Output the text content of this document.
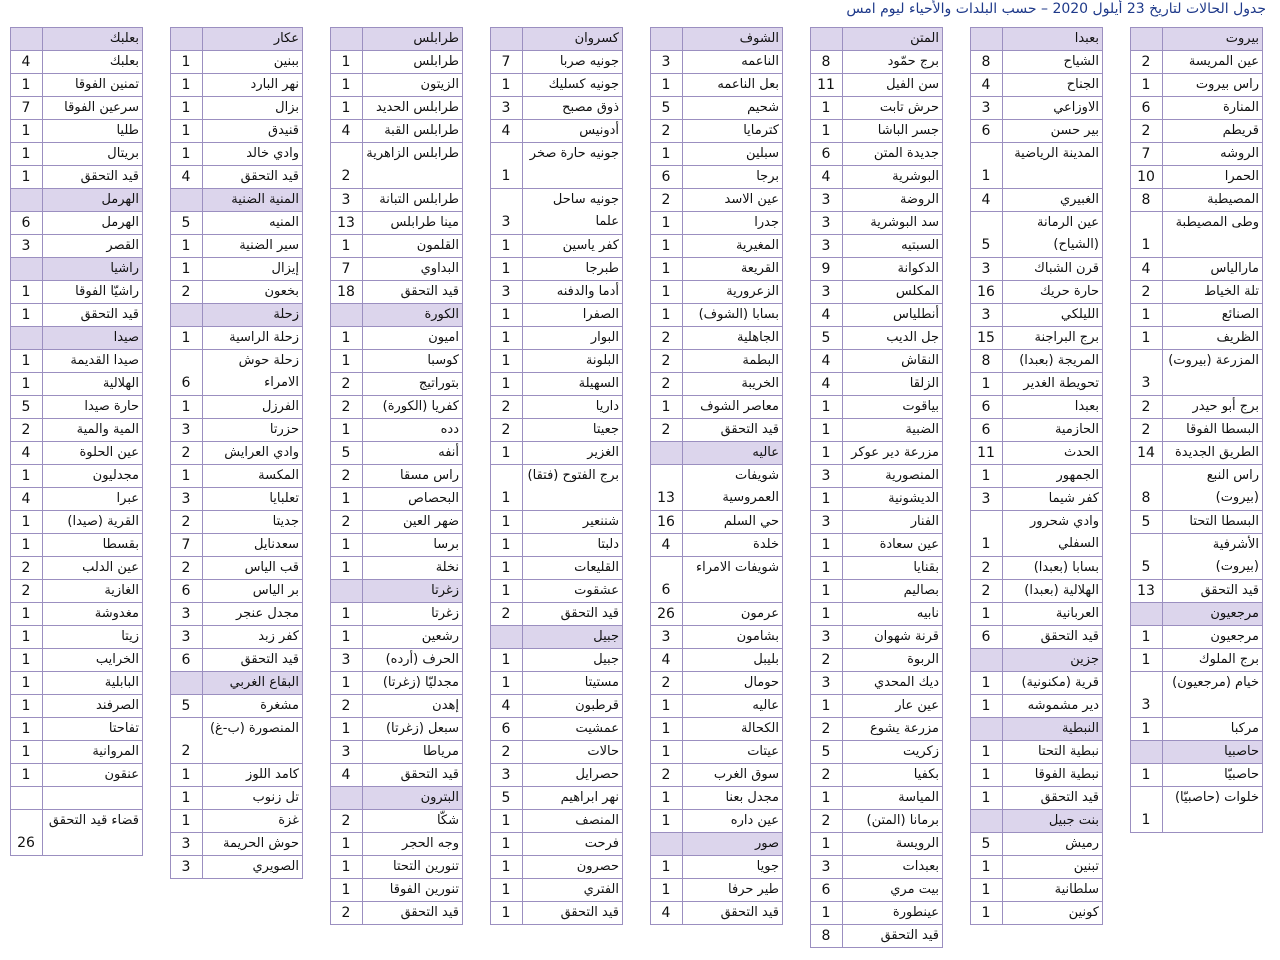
جدول الحالات لتاريخ 23 أيلول 2020 – حسب البلدات والأحياء ليوم امس
بيروت
عين المريسة
2
راس بيروت
1
المنارة
6
قريطم
2
الروشه
7
الحمرا
10
المصيطبة
8
وطى المصيطبة
1
مارالياس
4
تلة الخياط
2
الصنائع
1
الظريف
1
المزرعة (بيروت)
3
برج أبو حيدر
2
البسطا الفوقا
2
الطريق الجديدة
14
راس النبع (بيروت)
8
البسطا التحتا
5
الأشرفية (بيروت)
5
قيد التحقق
13
مرجعيون
مرجعيون
1
برج الملوك
1
خيام (مرجعيون)
3
مركبا
1
حاصبيا
حاصبيّا
1
خلوات (حاصبيّا)
1
بعبدا
الشياح
8
الجناح
4
الاوزاعي
3
بير حسن
6
المدينة الرياضية
1
الغبيري
4
عين الرمانة (الشياح)
5
قرن الشباك
3
حارة حريك
16
الليلكي
3
برج البراجنة
15
المريجة (بعبدا)
8
تحويطة الغدير
1
بعبدا
6
الحازمية
6
الحدث
11
الجمهور
1
كفر شيما
3
وادي شحرور السفلي
1
بسابا (بعبدا)
2
الهلالية (بعبدا)
2
العربانية
1
قيد التحقق
6
جزين
قرية (مكنونية)
1
دير مشموشه
1
النبطية
نبطية التحتا
1
نبطية الفوقا
1
قيد التحقق
1
بنت جبيل
رميش
5
تبنين
1
سلطانية
1
كونين
1
المتن
برج حمّود
8
سن الفيل
11
حرش تابت
1
جسر الباشا
1
جديدة المتن
6
البوشرية
4
الروضة
3
سد البوشرية
3
السبتيه
3
الدكوانة
9
المكلس
3
أنطلياس
4
جل الديب
5
النقاش
4
الزلقا
4
بياقوت
1
الضبية
1
مزرعة دير عوكر
1
المنصورية
3
الديشونية
1
الفنار
3
عين سعادة
1
بقنايا
1
بصاليم
1
نابيه
1
قرنة شهوان
3
الربوة
2
ديك المحدي
3
عين عار
1
مزرعة يشوع
2
زكريت
5
بكفيا
2
المياسة
1
برمانا (المتن)
2
الرويسة
1
بعبدات
3
بيت مري
6
عينطورة
1
قيد التحقق
8
الشوف
الناعمه
3
بعل الناعمه
1
شحيم
5
كترمايا
2
سبلين
1
برجا
6
عين الاسد
2
جدرا
1
المغيرية
1
القريعة
1
الزعرورية
1
بسابا (الشوف)
1
الجاهلية
2
البطمة
2
الخريبة
2
معاصر الشوف
1
قيد التحقق
2
عاليه
شويفات العمروسية
13
حي السلم
16
خلدة
4
شويفات الامراء
6
عرمون
26
بشامون
3
بليبل
4
حومال
2
عاليه
1
الكحالة
1
عيتات
1
سوق الغرب
2
مجدل بعنا
1
عين داره
1
صور
جويا
1
طير حرفا
1
قيد التحقق
4
كسروان
جونيه صربا
7
جونيه كسليك
1
ذوق مصبح
3
أدونيس
4
جونيه حارة صخر
1
جونيه ساحل علما
3
كفر ياسين
1
طبرجا
1
أدما والدفنه
3
الصفرا
1
البوار
1
البلونة
1
السهيلة
1
داريا
2
جعيتا
2
الغزير
1
برج الفتوح (فتقا)
1
شننعير
1
دلبتا
1
القليعات
1
عشقوت
1
قيد التحقق
2
جبيل
جبيل
1
مستيتا
1
قرطبون
4
عمشيت
6
حالات
2
حصرايل
3
نهر ابراهيم
5
المنصف
1
فرحت
1
حصرون
1
الفتري
1
قيد التحقق
1
طرابلس
طرابلس
1
الزيتون
1
طرابلس الحديد
1
طرابلس القبة
4
طرابلس الزاهرية
2
طرابلس التبانة
3
مينا طرابلس
13
القلمون
1
البداوي
7
قيد التحقق
18
الكورة
اميون
1
كوسبا
1
بتوراتيج
2
كفريا (الكورة)
2
دده
1
أنفه
5
راس مسقا
2
البحصاص
1
ضهر العين
2
برسا
1
نخلة
1
زغرتا
زغرتا
1
رشعين
1
الحرف (أرده)
3
مجدليّا (زغرتا)
1
إهدن
2
سبعل (زغرتا)
1
مرياطا
3
قيد التحقق
4
البترون
شكّا
2
وجه الحجر
1
تنورين التحتا
1
تنورين الفوقا
1
قيد التحقق
2
عكار
ببنين
1
نهر البارد
1
بزال
1
قنيدق
1
وادي خالد
1
قيد التحقق
4
المنية الضنية
المنيه
5
سير الضنية
1
إيزال
1
بخعون
2
زحلة
زحلة الراسية
1
زحلة حوش الامراء
6
الفرزل
1
حزرتا
3
وادي العرايش
2
المكسة
1
تعلبايا
3
جديتا
2
سعدنايل
7
قب الياس
2
بر الياس
6
مجدل عنجر
3
كفر زبد
3
قيد التحقق
6
البقاع الغربي
مشغرة
5
المنصورة (ب-غ)
2
كامد اللوز
1
تل زنوب
1
غزة
1
حوش الحريمة
3
الصويري
3
بعلبك
بعلبك
4
تمنين الفوقا
1
سرعين الفوقا
7
طليا
1
بريتال
1
قيد التحقق
1
الهرمل
الهرمل
6
القصر
3
راشيا
راشيّا الفوقا
1
قيد التحقق
1
صيدا
صيدا القديمة
1
الهلالية
1
حارة صيدا
5
المية والمية
2
عين الحلوة
4
مجدليون
1
عبرا
4
القرية (صيدا)
1
بقسطا
1
عين الدلب
2
الغازية
2
مغدوشة
1
زيتا
1
الخرايب
1
البابلية
1
الصرفند
1
تفاحتا
1
المروانية
1
عنقون
1
قضاء قيد التحقق
26
